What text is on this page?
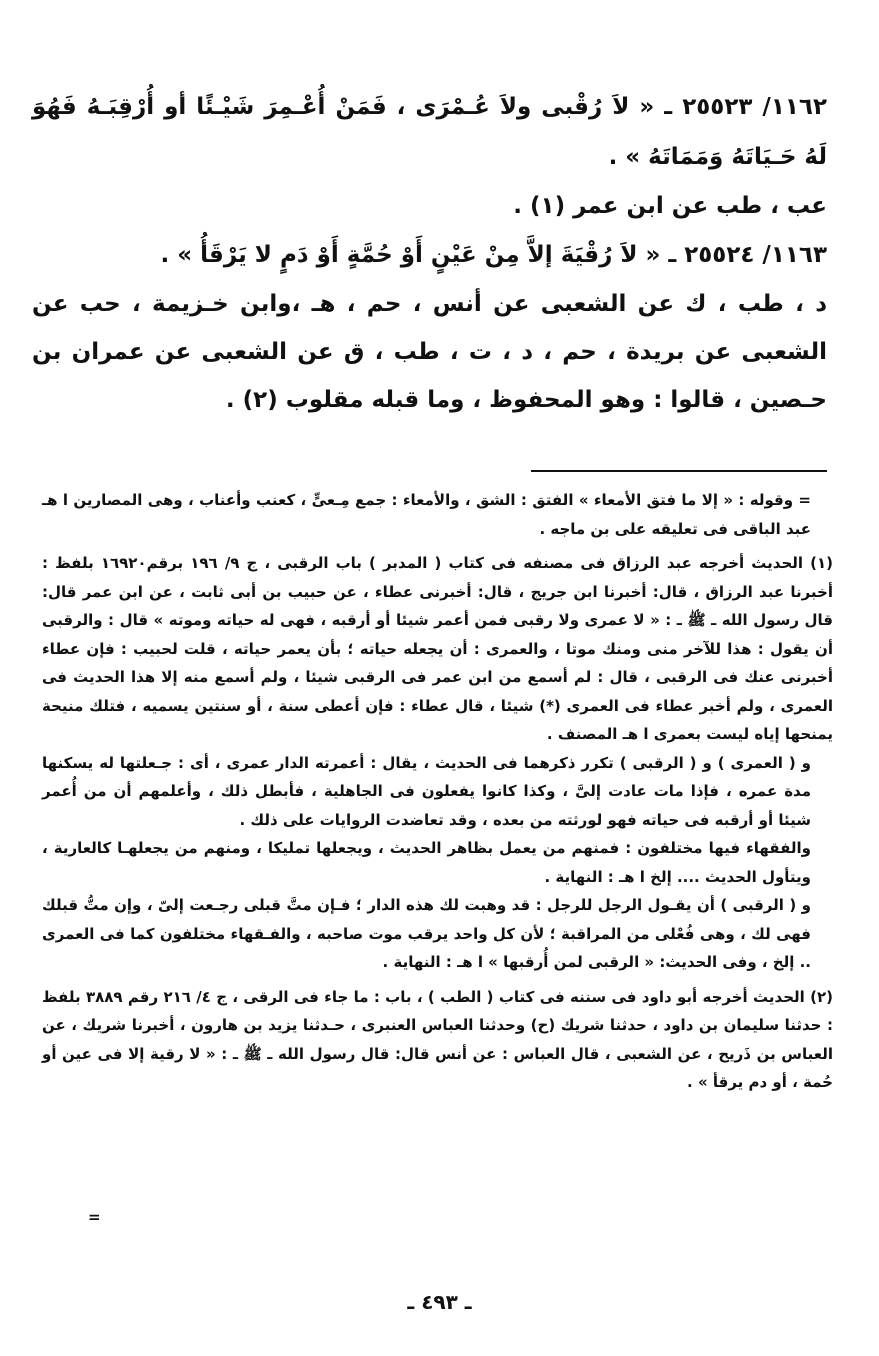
١١٦٢/ ٢٥٥٢٣ ـ « لاَ رُقْبى ولاَ عُـمْرَى ، فَمَنْ أُعْـمِرَ شَيْـئًا أو أُرْقِبَـهُ فَهُوَ لَهُ حَـيَاتَهُ وَمَمَاتَهُ » .

عب ، طب عن ابن عمر (١) .

١١٦٣/ ٢٥٥٢٤ ـ « لاَ رُقْيَةَ إلاَّ مِنْ عَيْنٍ أَوْ حُمَّةٍ أَوْ دَمٍ لا يَرْقَأُ » .

د ، طب ، ك عن الشعبى عن أنس ، حم ، هـ ،وابن خـزيمة ، حب عن الشعبى عن بريدة ، حم ، د ، ت ، طب ، ق عن الشعبى عن عمران بن حـصين ، قالوا : وهو المحفوظ ، وما قبله مقلوب (٢) .

= وقوله : « إلا ما فتق الأمعاء » الفتق : الشق ، والأمعاء : جمع مِـعىٍّ ، كعنب وأعناب ، وهى المصارين ا هـ عبد الباقى فى تعليقه على بن ماجه .

(١) الحديث أخرجه عبد الرزاق فى مصنفه فى كتاب ( المدبر ) باب الرقبى ، ج ٩/ ١٩٦ برقم١٦٩٢٠ بلفظ : أخبرنا عبد الرزاق ، قال: أخبرنا ابن جريج ، قال: أخبرنى عطاء ، عن حبيب بن أبى ثابت ، عن ابن عمر قال: قال رسول الله ـ ﷺ ـ : « لا عمرى ولا رقبى فمن أعمر شيئا أو أرقبه ، فهى له حياته وموته » قال : والرقبى أن يقول : هذا للآخر منى ومنك موتا ، والعمرى : أن يجعله حياته ؛ بأن يعمر حياته ، قلت لحبيب : فإن عطاء أخبرنى عنك فى الرقبى ، قال : لم أسمع من ابن عمر فى الرقبى شيئا ، ولم أسمع منه إلا هذا الحديث فى العمرى ، ولم أخبر عطاء فى العمرى (*) شيئا ، قال عطاء : فإن أعطى سنة ، أو سنتين يسميه ، فتلك منيحة يمنحها إياه ليست بعمرى ا هـ المصنف .

و ( العمرى ) و ( الرقبى ) تكرر ذكرهما فى الحديث ، يقال : أعمرته الدار عمرى ، أى : جـعلتها له يسكنها مدة عمره ، فإذا مات عادت إلىَّ ، وكذا كانوا يفعلون فى الجاهلية ، فأبطل ذلك ، وأعلمهم أن من أُعمر شيئا أو أرقبه فى حياته فهو لورثته من بعده ، وقد تعاضدت الروايات على ذلك .

والفقهاء فيها مختلفون : فمنهم من يعمل بظاهر الحديث ، ويجعلها تمليكا ، ومنهم من يجعلهـا كالعارية ، ويتأول الحديث .... إلخ ا هـ : النهاية .

و ( الرقبى ) أن يقـول الرجل للرجل : قد وهبت لك هذه الدار ؛ فـإن متَّ قبلى رجـعت إلىّ ، وإن متُّ قبلك فهى لك ، وهى فُعْلى من المراقبة ؛ لأن كل واحد يرقب موت صاحبه ، والفـقهاء مختلفون كما فى العمرى .. إلخ ، وفى الحديث: « الرقبى لمن أُرقبها » ا هـ : النهاية .

(٢) الحديث أخرجه أبو داود فى سننه فى كتاب ( الطب ) ، باب : ما جاء فى الرقى ، ج ٤/ ٢١٦ رقم ٣٨٨٩ بلفظ : حدثنا سليمان بن داود ، حدثنا شريك (ح) وحدثنا العباس العنبرى ، حـدثنا يزيد بن هارون ، أخبرنا شريك ، عن العباس بن ذَريح ، عن الشعبى ، قال العباس : عن أنس قال: قال رسول الله ـ ﷺ ـ : « لا رقية إلا فى عين أو حُمة ، أو دم يرقأ » .

=
ـ ٤٩٣ ـ
